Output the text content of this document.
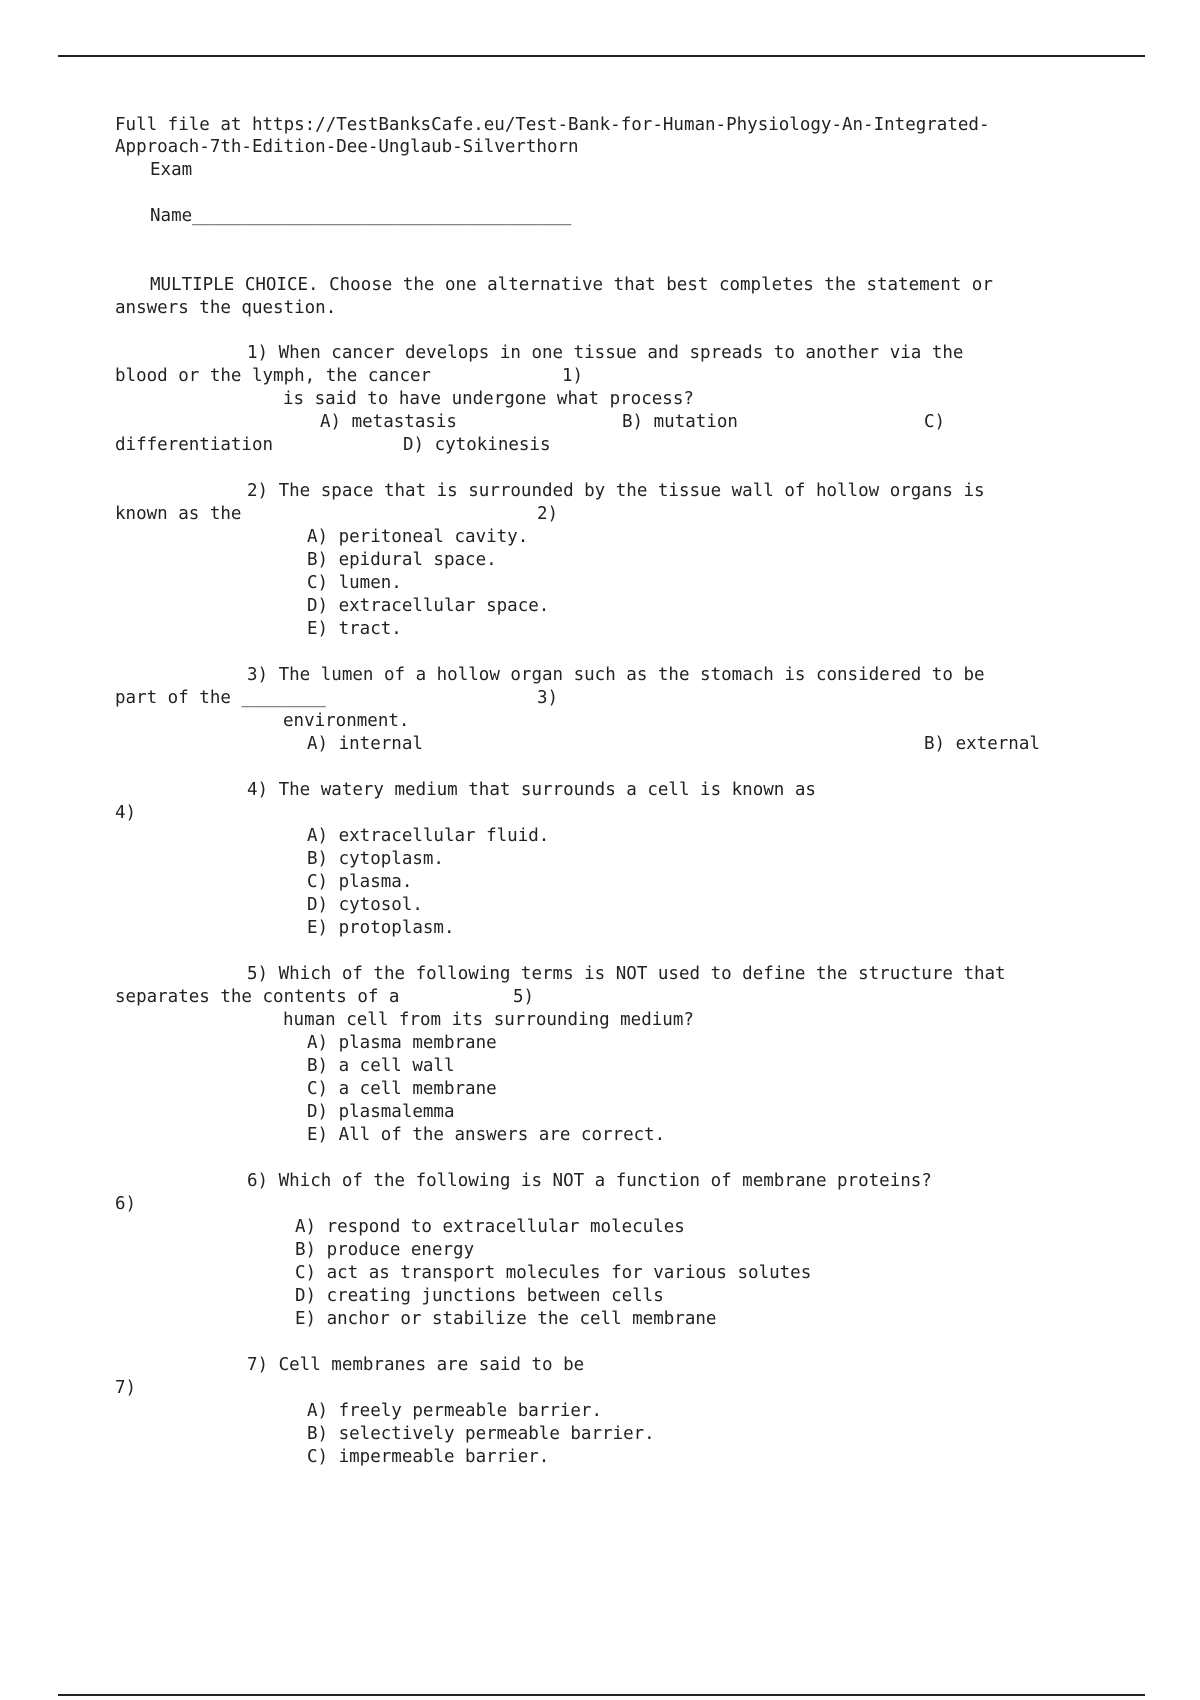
Full file at https://TestBanksCafe.eu/Test-Bank-for-Human-Physiology-An-Integrated-
Approach-7th-Edition-Dee-Unglaub-Silverthorn
Exam
Name____________________________________
MULTIPLE CHOICE. Choose the one alternative that best completes the statement or
answers the question.
1) When cancer develops in one tissue and spreads to another via the
blood or the lymph, the cancer	1)
is said to have undergone what process?
A) metastasis	B) mutation	C)
differentiation	D) cytokinesis
2) The space that is surrounded by the tissue wall of hollow organs is
known as the	2)
A) peritoneal cavity.
B) epidural space.
C) lumen.
D) extracellular space.
E) tract.
3) The lumen of a hollow organ such as the stomach is considered to be
part of the ________	3)
environment.
A) internal	B) external
4) The watery medium that surrounds a cell is known as
4)
A) extracellular fluid.
B) cytoplasm.
C) plasma.
D) cytosol.
E) protoplasm.
5) Which of the following terms is NOT used to define the structure that
separates the contents of a	5)
human cell from its surrounding medium?
A) plasma membrane
B) a cell wall
C) a cell membrane
D) plasmalemma
E) All of the answers are correct.
6) Which of the following is NOT a function of membrane proteins?
6)
A) respond to extracellular molecules
B) produce energy
C) act as transport molecules for various solutes
D) creating junctions between cells
E) anchor or stabilize the cell membrane
7) Cell membranes are said to be
7)
A) freely permeable barrier.
B) selectively permeable barrier.
C) impermeable barrier.
